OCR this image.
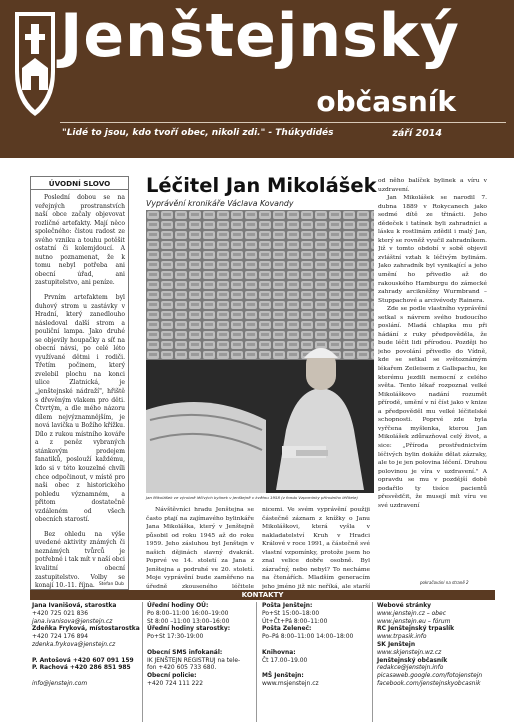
Jenštejnský
občasník
"Lidé to jsou, kdo tvoří obec, nikoli zdi." - Thúkydidés	září 2014
ÚVODNÍ SLOVO

Poslední dobou se na veřejných prostranstvích naší obce začaly objevovat rozličné artefakty. Mají něco společného: čistou radost ze svého vzniku a touhu potěšit ostatní či kolemjdoucí. A nutno poznamenat, že k tomu nebyl potřeba ani obecní úřad, ani zastupitelstvo, ani peníze.

Prvním artefaktem byl duhový strom u zastávky v Hradní, který zanedlouho následoval další strom a pouliční lampa. Jako druhé se objevily houpačky a síť na obecní návsi, po celé léto využívané dětmi i rodiči. Třetím počinem, který zvelebil plochu na konci ulice Zlatnická, je „jenštejnské nádraží", hřiště s dřevěným vlakem pro děti. Čtvrtým, a dle mého názoru dílem nejvýznamnějším, je nová lavička u Božího křížku. Dílo z rukou místního kováře a z peněz vybraných stánkovým prodejem fanatiků, poslouží každému, kdo si v této kouzelné chvíli chce odpočinout, v místě pro naši obec z historického pohledu významném, a přitom dostatečně vzdáleném od všech obecních starostí.

Bez ohledu na výše uvedené aktivity známých či neznámých tvůrců je potřebné i tak mít v naší obci kvalitní obecní zastupitelstvo. Volby se konají 10.-11. října. Stefan Dub
Léčitel Jan Mikolášek
Vyprávění kronikáře Václava Kovandy
Jan Mikolášek ve výrobně léčivých bylinek v Jenštejně v květnu 1958 (z fondu Vzpomínky přírodního léčitele)

Návštěvníci hradu Jenštejna se často ptají na zajímavého bylinkáře Jana Mikoláška, který v Jenštejně působil od roku 1945 až do roku 1959. Jeho zásluhou byl Jenštejn v našich dějinách slavný dvakrát. Poprvé ve 14. století za Jana z Jenštejna a podruhé ve 20. století. Moje vyprávění bude zaměřeno na úředně zkouseného léčitele

nicemi. Ve svém vyprávění použiji částečně záznam z knížky o Janu Mikoláškovi, která vyšla v nakladatelství Kruh v Hradci Králové v roce 1991, a částečně své vlastní vzpomínky, protože jsem ho znal velice dobře osobně. Byl zázračný, nebo nebyl? To necháme na čtenářích. Mladším generacím jeho jméno již nic neříká, ale starší

od něho balíček bylinek a víru v uzdravení.

Jan Mikolášek se narodil 7. dubna 1889 v Rokycanech jako sedmé dítě ze třinácti. Jeho dědeček i tatínek byli zahradníci a lásku k rostlinám zdědil i malý Jan, který se rovněž vyučil zahradníkem. Již v tomto období v sobě objevil zvláštní vztah k léčivým bylinám. Jako zahradník byl vynikající a jeho umění ho přivedlo až do rakouského Hamburgu do zámecké zahrady arcikněžny Wurmbrand – Stuppachové a arcivévody Rainera.

Zde se podle vlastního vyprávění setkal s návrem svého budoucího poslání. Mladá chlapka mu při hádání z ruky předpověděla, že bude léčit lidi přírodou. Později ho jeho povolání přivedlo do Vídně, kde se setkal se světoznámým lékařem Zeileisem z Gallspachu, ke kterému jezdili nemocní z celého světa. Tento lékař rozpoznal velké Mikoláškovo nadání rozumět přírodě, umění v ní číst jako v knize a předpověděl mu velké léčitelské schopnosti. Poprvé zde byla vyřčena myšlenka, kterou Jan Mikolášek zdůrazňoval celý život, a sice: „Příroda prostřednictvím léčivých bylin dokáže dělat zázraky, ale to je jen polovina léčení. Druhou polovinou je víra v uzdravení." A opravdu se mu v pozdější době podařilo ty tisíce pacientů přesvědčit, že musejí mít víru ve své uzdravení

pokračování na straně 2
KONTAKTY
Jana Ivanišová, starostka
+420 725 021 836
jana.ivanisova@jenstejn.cz
Zdeňka Fryková, místostarostka
+420 724 176 894
zdenka.frykova@jenstejn.cz
P. Antošová +420 607 091 159
P. Rachová +420 286 851 985
info@jenstejn.com
Úřední hodiny OÚ:
Po 8:00–11:00 16:00–19:00
St 8:00 –11:00 13:00–16:00
Úřední hodiny starostky:
Po+St 17:30-19:00
Obecní SMS infokanál:
IK JENŠTEJN REGISTRUJ na tele-
fon +420 605 733 680.
Obecní policie:
+420 724 111 222
Pošta Jenštejn:
Po+St 15:00–18:00
Út+Čt+Pá 8:00–11:00
Pošta Zeleneč:
Po–Pá 8:00–11:00 14:00–18:00
Knihovna:
Čt 17.00–19.00
MŠ Jenštejn:
www.msjenstejn.cz
Webové stránky
www.jenstejn.cz – obec
www.jenstejn.eu – fórum
RC Jenštejnský trpaslík
www.trpasik.info
SK Jenštejn
www.skjenstejn.wz.cz
Jenštejnský občasník
redakce@jenstejn.info
picasaweb.google.com/fotojenstejn
facebook.com/jenstejnskyobcasnik
